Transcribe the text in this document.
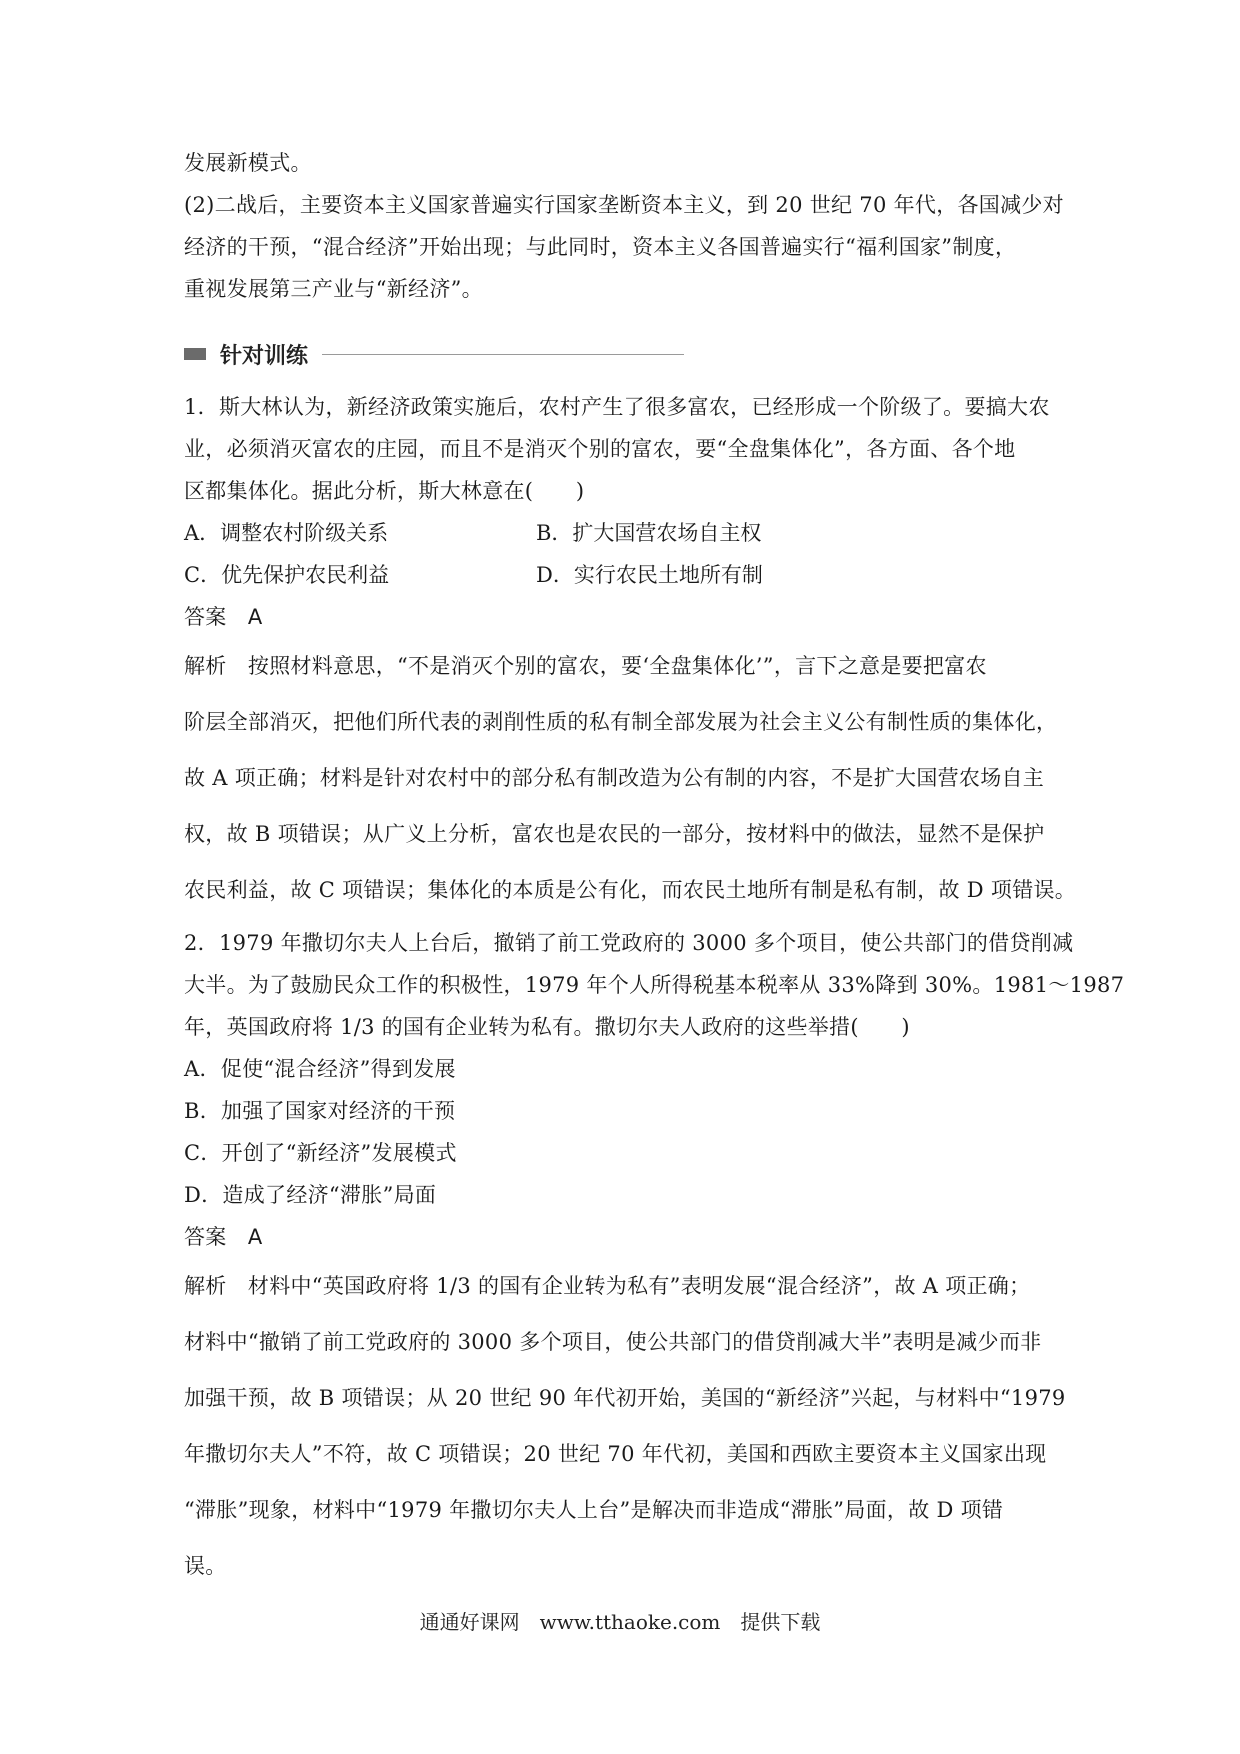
发展新模式。
(2)二战后，主要资本主义国家普遍实行国家垄断资本主义，到 20 世纪 70 年代，各国减少对
经济的干预，“混合经济”开始出现；与此同时，资本主义各国普遍实行“福利国家”制度，
重视发展第三产业与“新经济”。
针对训练
1．斯大林认为，新经济政策实施后，农村产生了很多富农，已经形成一个阶级了。要搞大农
业，必须消灭富农的庄园，而且不是消灭个别的富农，要“全盘集体化”，各方面、各个地
区都集体化。据此分析，斯大林意在(　　)
A．调整农村阶级关系	B．扩大国营农场自主权
C．优先保护农民利益	D．实行农民土地所有制
答案　A
解析　按照材料意思，“不是消灭个别的富农，要‘全盘集体化’”，言下之意是要把富农
阶层全部消灭，把他们所代表的剥削性质的私有制全部发展为社会主义公有制性质的集体化，
故 A 项正确；材料是针对农村中的部分私有制改造为公有制的内容，不是扩大国营农场自主
权，故 B 项错误；从广义上分析，富农也是农民的一部分，按材料中的做法，显然不是保护
农民利益，故 C 项错误；集体化的本质是公有化，而农民土地所有制是私有制，故 D 项错误。
2．1979 年撒切尔夫人上台后，撤销了前工党政府的 3000 多个项目，使公共部门的借贷削减
大半。为了鼓励民众工作的积极性，1979 年个人所得税基本税率从 33%降到 30%。1981～1987
年，英国政府将 1/3 的国有企业转为私有。撒切尔夫人政府的这些举措(　　)
A．促使“混合经济”得到发展
B．加强了国家对经济的干预
C．开创了“新经济”发展模式
D．造成了经济“滞胀”局面
答案　A
解析　材料中“英国政府将 1/3 的国有企业转为私有”表明发展“混合经济”，故 A 项正确；
材料中“撤销了前工党政府的 3000 多个项目，使公共部门的借贷削减大半”表明是减少而非
加强干预，故 B 项错误；从 20 世纪 90 年代初开始，美国的“新经济”兴起，与材料中“1979
年撒切尔夫人”不符，故 C 项错误；20 世纪 70 年代初，美国和西欧主要资本主义国家出现
“滞胀”现象，材料中“1979 年撒切尔夫人上台”是解决而非造成“滞胀”局面，故 D 项错
误。
通通好课网　www.tthaoke.com　提供下载
